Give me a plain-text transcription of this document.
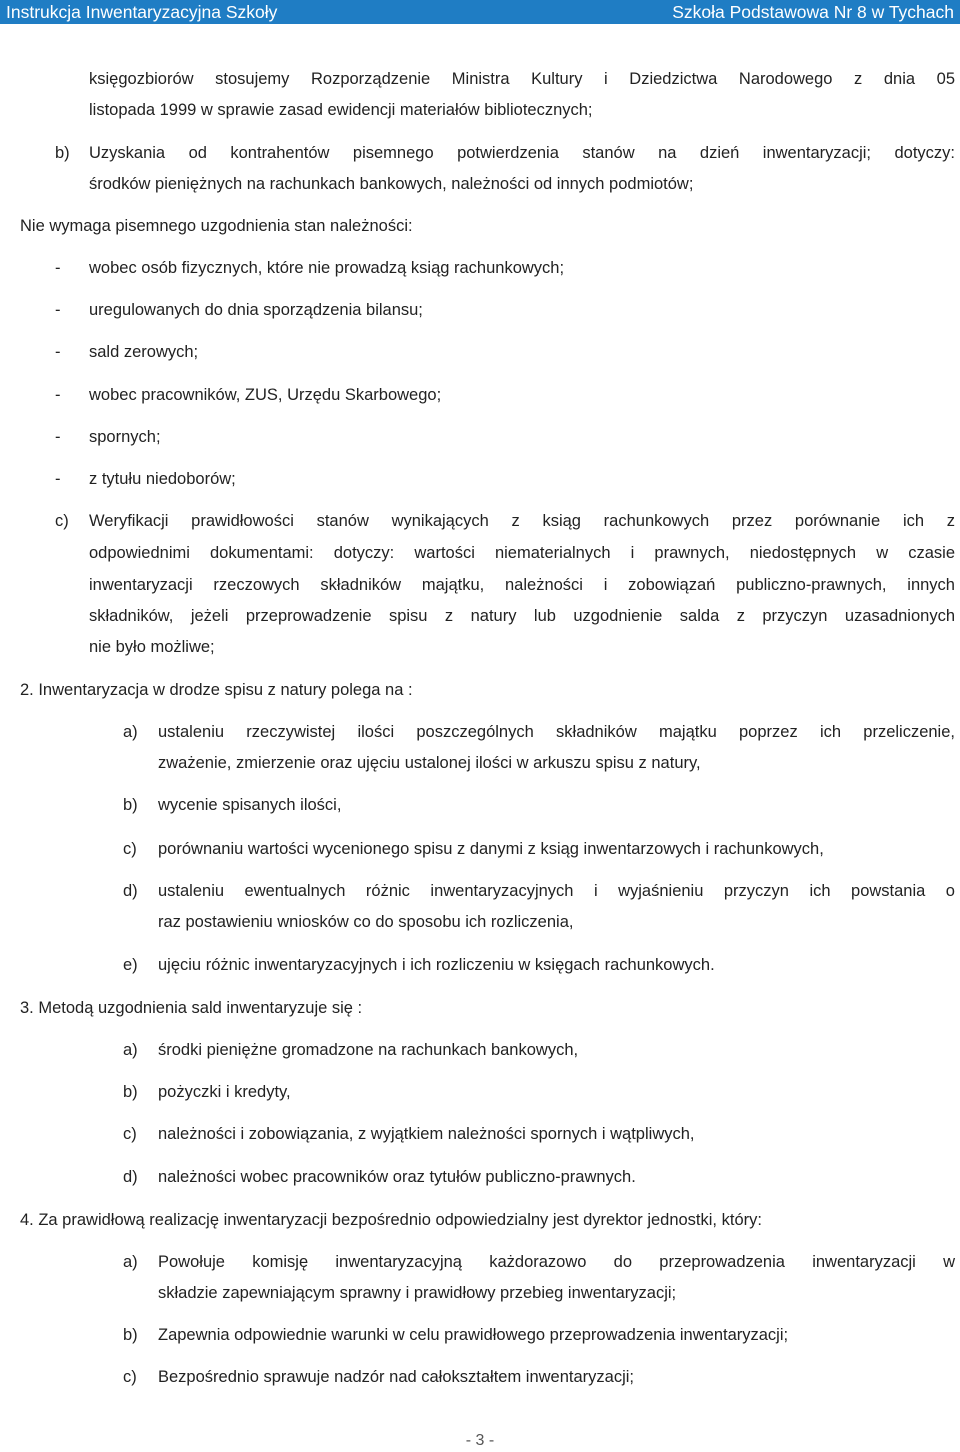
Instrukcja Inwentaryzacyjna Szkoły	Szkoła Podstawowa Nr 8 w Tychach
księgozbiorów stosujemy Rozporządzenie Ministra Kultury i Dziedzictwa Narodowego z dnia 05
listopada 1999 w sprawie zasad ewidencji materiałów bibliotecznych;
b) Uzyskania od kontrahentów pisemnego potwierdzenia stanów na dzień inwentaryzacji; dotyczy:
środków pieniężnych na rachunkach bankowych, należności od innych podmiotów;
Nie wymaga pisemnego uzgodnienia stan należności:
- wobec osób fizycznych, które nie prowadzą ksiąg rachunkowych;
- uregulowanych do dnia sporządzenia bilansu;
- sald zerowych;
- wobec pracowników, ZUS, Urzędu Skarbowego;
- spornych;
- z tytułu niedoborów;
c) Weryfikacji prawidłowości stanów wynikających z ksiąg rachunkowych przez porównanie ich z
odpowiednimi dokumentami: dotyczy: wartości niematerialnych i prawnych, niedostępnych w czasie
inwentaryzacji rzeczowych składników majątku, należności i zobowiązań publiczno-prawnych, innych
składników, jeżeli przeprowadzenie spisu z natury lub uzgodnienie salda z przyczyn uzasadnionych
nie było możliwe;
2. Inwentaryzacja w drodze spisu z natury polega na :
a) ustaleniu rzeczywistej ilości poszczególnych składników majątku poprzez ich przeliczenie,
zważenie, zmierzenie oraz ujęciu ustalonej ilości w arkuszu spisu z natury,
b) wycenie spisanych ilości,
c) porównaniu wartości wycenionego spisu z danymi z ksiąg inwentarzowych i rachunkowych,
d) ustaleniu ewentualnych różnic inwentaryzacyjnych i wyjaśnieniu przyczyn ich powstania o
raz postawieniu wniosków co do sposobu ich rozliczenia,
e) ujęciu różnic inwentaryzacyjnych i ich rozliczeniu w księgach rachunkowych.
3. Metodą uzgodnienia sald inwentaryzuje się :
a) środki pieniężne gromadzone na rachunkach bankowych,
b) pożyczki i kredyty,
c) należności i zobowiązania, z wyjątkiem należności spornych i wątpliwych,
d) należności wobec pracowników oraz tytułów publiczno-prawnych.
4. Za prawidłową realizację inwentaryzacji bezpośrednio odpowiedzialny jest dyrektor jednostki, który:
a) Powołuje komisję inwentaryzacyjną każdorazowo do przeprowadzenia inwentaryzacji w
składzie zapewniającym sprawny i prawidłowy przebieg inwentaryzacji;
b) Zapewnia odpowiednie warunki w celu prawidłowego przeprowadzenia inwentaryzacji;
c) Bezpośrednio sprawuje nadzór nad całokształtem inwentaryzacji;
- 3 -
